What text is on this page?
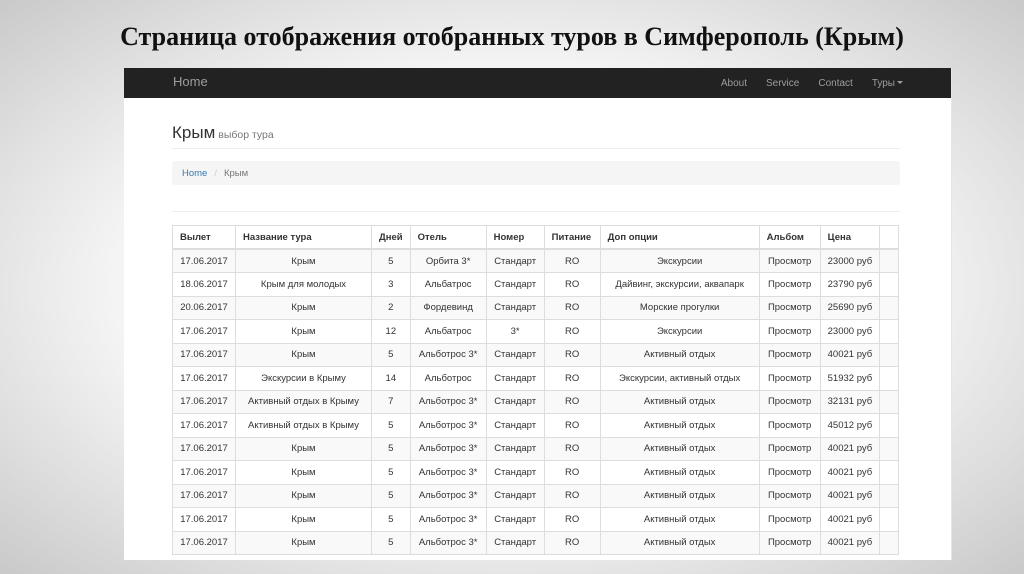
Страница отображения отобранных туров в Симферополь (Крым)
Home	About Service Contact Туры
Крым выбор тура
Home / Крым
Вылет	Название тура	Дней	Отель	Номер	Питание	Доп опции	Альбом	Цена	
17.06.2017	Крым	5	Орбита 3*	Стандарт	RO	Экскурсии	Просмотр	23000 руб	
18.06.2017	Крым для молодых	3	Альбатрос	Стандарт	RO	Дайвинг, экскурсии, аквапарк	Просмотр	23790 руб	
20.06.2017	Крым	2	Фордевинд	Стандарт	RO	Морские прогулки	Просмотр	25690 руб	
17.06.2017	Крым	12	Альбатрос	3*	RO	Экскурсии	Просмотр	23000 руб	
17.06.2017	Крым	5	Альботрос 3*	Стандарт	RO	Активный отдых	Просмотр	40021 руб	
17.06.2017	Экскурсии в Крыму	14	Альботрос	Стандарт	RO	Экскурсии, активный отдых	Просмотр	51932 руб	
17.06.2017	Активный отдых в Крыму	7	Альботрос 3*	Стандарт	RO	Активный отдых	Просмотр	32131 руб	
17.06.2017	Активный отдых в Крыму	5	Альботрос 3*	Стандарт	RO	Активный отдых	Просмотр	45012 руб	
17.06.2017	Крым	5	Альботрос 3*	Стандарт	RO	Активный отдых	Просмотр	40021 руб	
17.06.2017	Крым	5	Альботрос 3*	Стандарт	RO	Активный отдых	Просмотр	40021 руб	
17.06.2017	Крым	5	Альботрос 3*	Стандарт	RO	Активный отдых	Просмотр	40021 руб	
17.06.2017	Крым	5	Альботрос 3*	Стандарт	RO	Активный отдых	Просмотр	40021 руб	
17.06.2017	Крым	5	Альботрос 3*	Стандарт	RO	Активный отдых	Просмотр	40021 руб	
